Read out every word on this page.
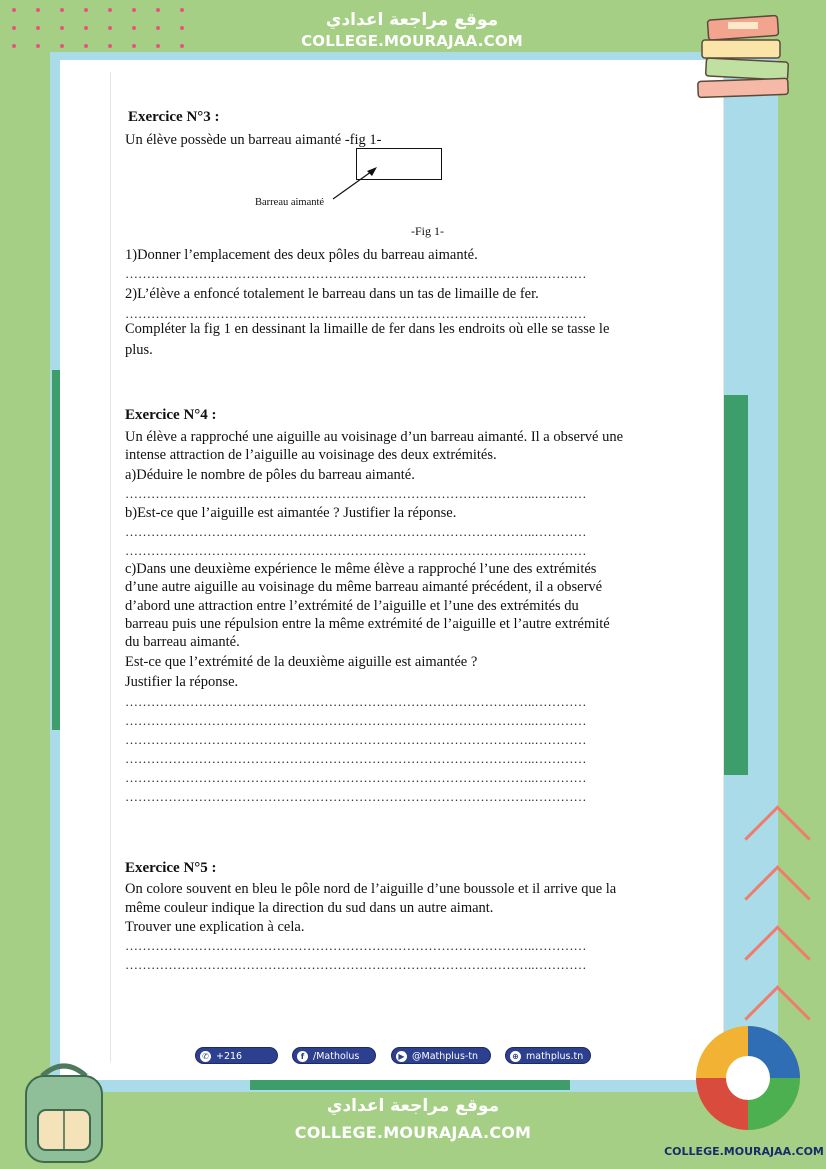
موقع مراجعة اعدادي
COLLEGE.MOURAJAA.COM
COLLEGE.MOURAJAA.COM
Exercice N°3 :
Un élève possède un barreau aimanté -fig 1-
Barreau aimanté
-Fig 1-
1)Donner l’emplacement des deux pôles du barreau aimanté.
…………………………………………………………………………………..…………
2)L’élève a enfoncé totalement le barreau dans un tas de limaille de fer.
…………………………………………………………………………………..…………
Compléter la fig 1 en dessinant la limaille de fer dans les endroits où elle se tasse le
plus.
Exercice N°4 :
Un élève a rapproché une aiguille au voisinage d’un barreau aimanté. Il a observé une
intense attraction de l’aiguille au voisinage des deux extrémités.
a)Déduire le nombre de pôles du barreau aimanté.
…………………………………………………………………………………..…………
b)Est-ce que l’aiguille est aimantée ? Justifier la réponse.
…………………………………………………………………………………..…………
…………………………………………………………………………………..…………
c)Dans une deuxième expérience le même élève a rapproché l’une des extrémités
d’une autre aiguille au voisinage du même barreau aimanté précédent, il a observé
d’abord une attraction entre l’extrémité de l’aiguille et l’une des extrémités du
barreau puis une répulsion entre la même extrémité de l’aiguille et l’autre extrémité
du barreau aimanté.
Est-ce que l’extrémité de la deuxième aiguille est aimantée ?
Justifier la réponse.
…………………………………………………………………………………..…………
…………………………………………………………………………………..…………
…………………………………………………………………………………..…………
…………………………………………………………………………………..…………
…………………………………………………………………………………..…………
…………………………………………………………………………………..…………
Exercice N°5 :
On colore souvent en bleu le pôle nord de l’aiguille d’une boussole et il arrive que la
même couleur indique la direction du sud dans un autre aimant.
Trouver une explication à cela.
…………………………………………………………………………………..…………
…………………………………………………………………………………..…………
✆ +216 52051249
f /Matholus	▶ @Mathplus-tn	⊕ mathplus.tn
موقع مراجعة اعدادي
COLLEGE.MOURAJAA.COM
